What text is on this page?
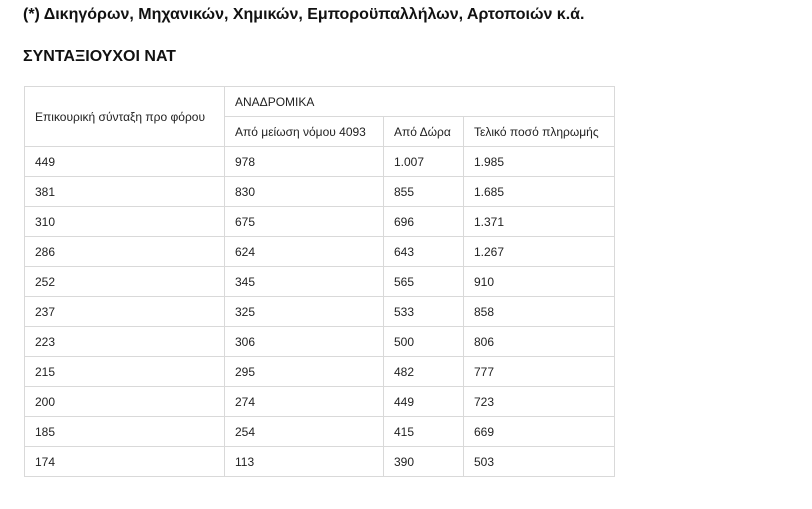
(*) Δικηγόρων, Μηχανικών, Χημικών, Εμποροϋπαλλήλων, Αρτοποιών κ.ά.

ΣΥΝΤΑΞΙΟΥΧΟΙ ΝΑΤ
Επικουρική σύνταξη προ φόρου	ΑΝΑΔΡΟΜΙΚΑ		
	Από μείωση νόμου 4093	Από Δώρα	Τελικό ποσό πληρωμής
449	978	1.007	1.985
381	830	855	1.685
310	675	696	1.371
286	624	643	1.267
252	345	565	910
237	325	533	858
223	306	500	806
215	295	482	777
200	274	449	723
185	254	415	669
174	113	390	503
